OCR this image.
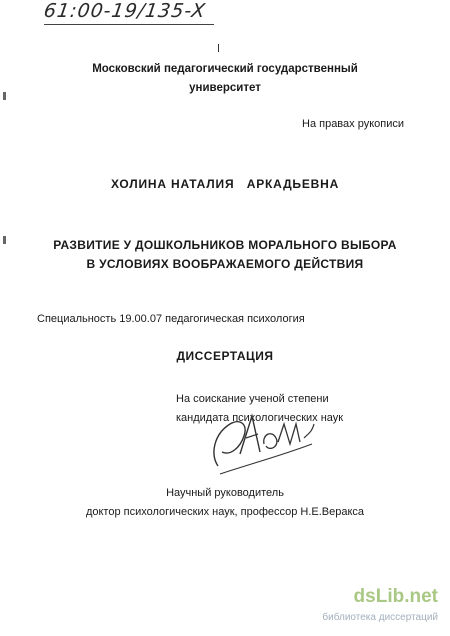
61:00-19/135-X
Московский педагогический государственный
университет
На правах рукописи
ХОЛИНА НАТАЛИЯ   АРКАДЬЕВНА
РАЗВИТИЕ У ДОШКОЛЬНИКОВ МОРАЛЬНОГО ВЫБОРА
В УСЛОВИЯХ ВООБРАЖАЕМОГО ДЕЙСТВИЯ
Специальность 19.00.07 педагогическая психология
ДИССЕРТАЦИЯ
На соискание ученой степени
кандидата психологических наук
Научный руководитель
доктор психологических наук, профессор Н.Е.Веракса
dsLib.net
библиотека диссертаций
